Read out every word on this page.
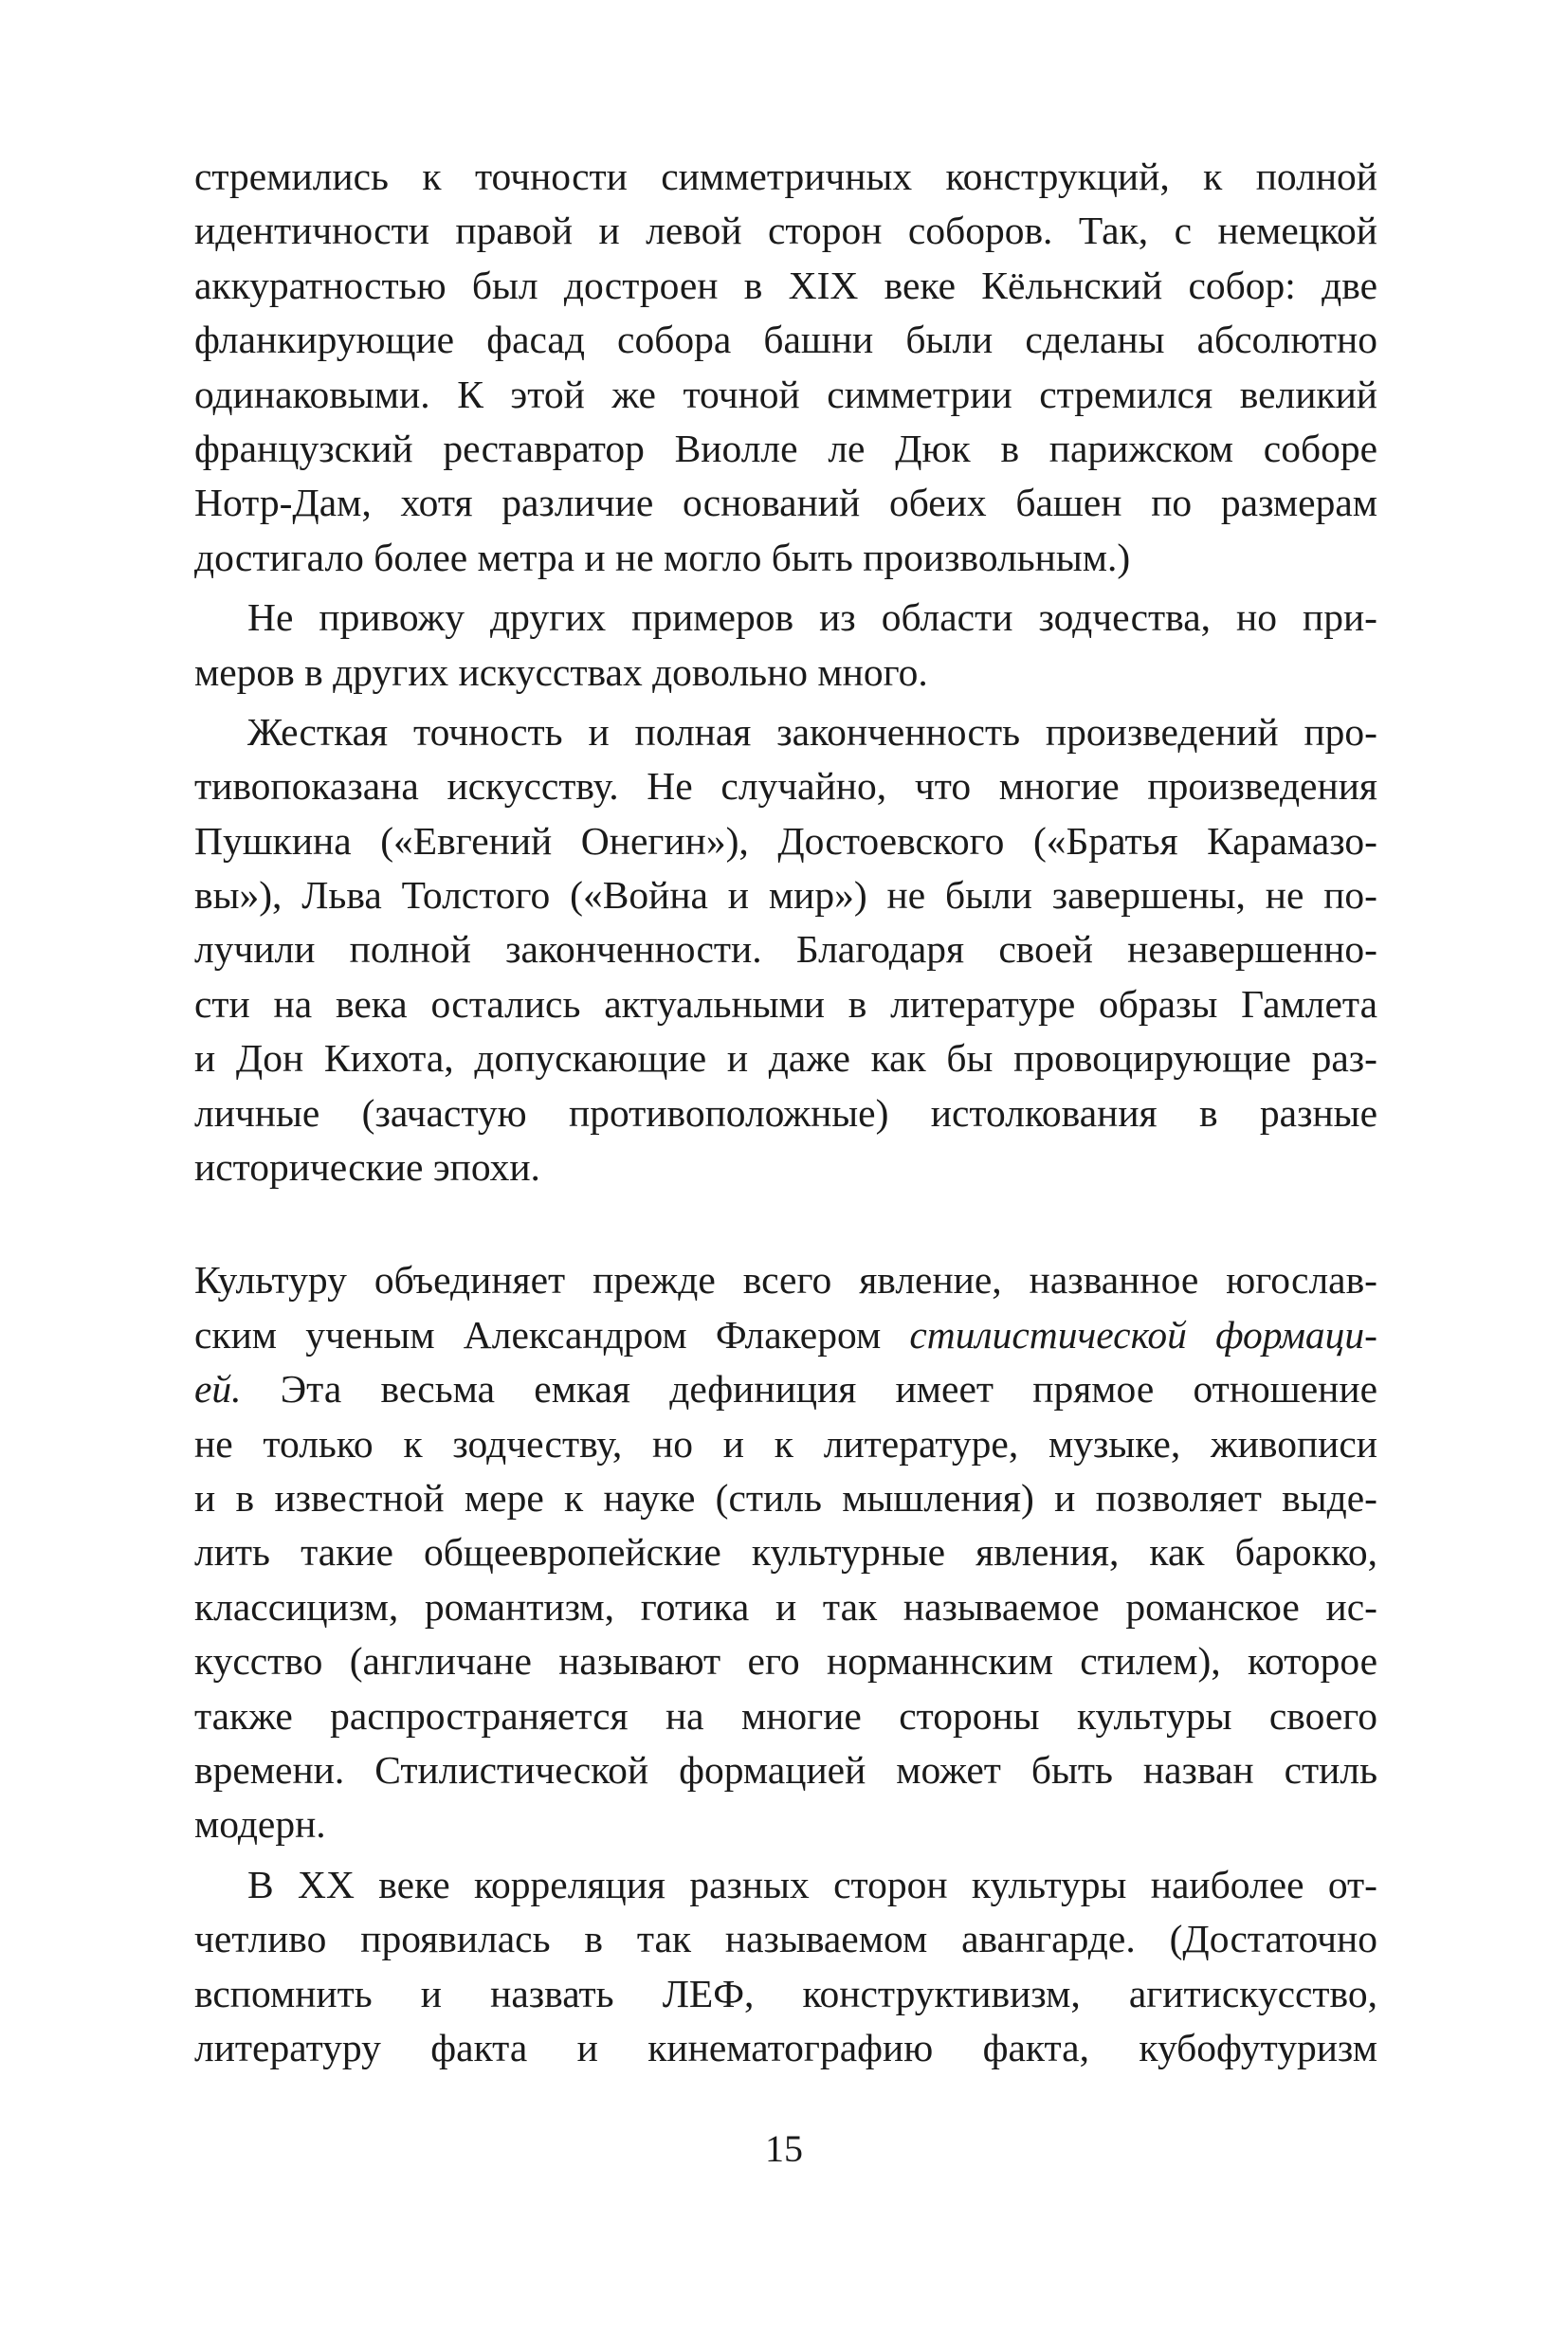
стремились к точности симметричных конструкций, к полной
идентичности правой и левой сторон соборов. Так, с немецкой
аккуратностью был достроен в XIX веке Кёльнский собор: две
фланкирующие фасад собора башни были сделаны абсолютно
одинаковыми. К этой же точной симметрии стремился великий
французский реставратор Виолле ле Дюк в парижском соборе
Нотр-Дам, хотя различие оснований обеих башен по размерам
достигало более метра и не могло быть произвольным.)
Не привожу других примеров из области зодчества, но при-
меров в других искусствах довольно много.
Жесткая точность и полная законченность произведений про-
тивопоказана искусству. Не случайно, что многие произведения
Пушкина («Евгений Онегин»), Достоевского («Братья Карамазо-
вы»), Льва Толстого («Война и мир») не были завершены, не по-
лучили полной законченности. Благодаря своей незавершенно-
сти на века остались актуальными в литературе образы Гамлета
и Дон Кихота, допускающие и даже как бы провоцирующие раз-
личные (зачастую противоположные) истолкования в разные
исторические эпохи.
Культуру объединяет прежде всего явление, названное югослав-
ским ученым Александром Флакером стилистической формаци-
ей. Эта весьма емкая дефиниция имеет прямое отношение
не только к зодчеству, но и к литературе, музыке, живописи
и в известной мере к науке (стиль мышления) и позволяет выде-
лить такие общеевропейские культурные явления, как барокко,
классицизм, романтизм, готика и так называемое романское ис-
кусство (англичане называют его норманнским стилем), которое
также распространяется на многие стороны культуры своего
времени. Стилистической формацией может быть назван стиль
модерн.
В XX веке корреляция разных сторон культуры наиболее от-
четливо проявилась в так называемом авангарде. (Достаточно
вспомнить и назвать ЛЕФ, конструктивизм, агитискусство,
литературу факта и кинематографию факта, кубофутуризм
15
